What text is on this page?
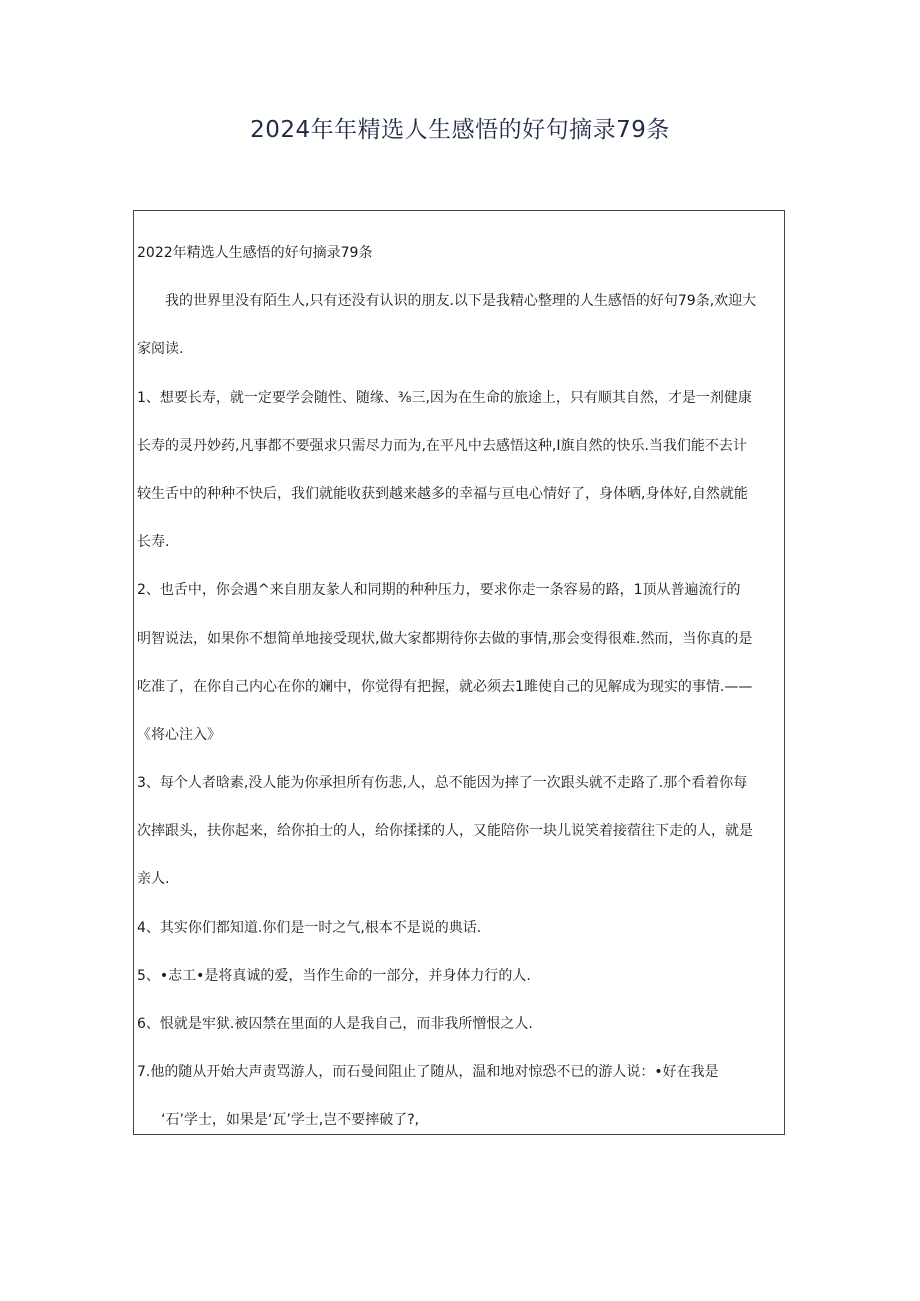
2024年年精选人生感悟的好句摘录79条
2022年精选人生感悟的好句摘录79条
我的世界里没有陌生人,只有还没有认识的朋友.以下是我精心整理的人生感悟的好句79条,欢迎大
家阅读.
1、想要长寿，就一定要学会随性、随缘、⅜三,因为在生命的旅途上，只有顺其自然，才是一剂健康
长寿的灵丹妙药,凡事都不要强求只需尽力而为,在平凡中去感悟这种,I旗自然的快乐.当我们能不去计
较生舌中的种种不快后，我们就能收获到越来越多的幸福与亘电心情好了，身体晒,身体好,自然就能
长寿.
2、也舌中，你会遇^来自朋友彖人和同期的种种压力，要求你走一条容易的路，1顶从普遍流行的
明智说法，如果你不想简单地接受现状,做大家都期待你去做的事情,那会变得很难.然而，当你真的是
吃准了，在你自己内心在你的斓中，你觉得有把握，就必须去1雎使自己的见解成为现实的事情.——
《将心注入》
3、每个人者晗素,没人能为你承担所有伤悲,人，总不能因为摔了一次跟头就不走路了.那个看着你每
次摔跟头，扶你起来，给你拍士的人，给你揉揉的人，又能陪你一块儿说笑着接蓿往下走的人，就是
亲人.
4、其实你们都知道.你们是一时之气,根本不是说的典话.
5、•志工•是将真诚的爱，当作生命的一部分，并身体力行的人.
6、恨就是牢狱.被囚禁在里面的人是我自己，而非我所憎恨之人.
7.他的随从开始大声责骂游人，而石曼间阻止了随从，温和地对惊恐不已的游人说：•好在我是
‘石’学士，如果是‘瓦’学士,岂不要摔破了?,
